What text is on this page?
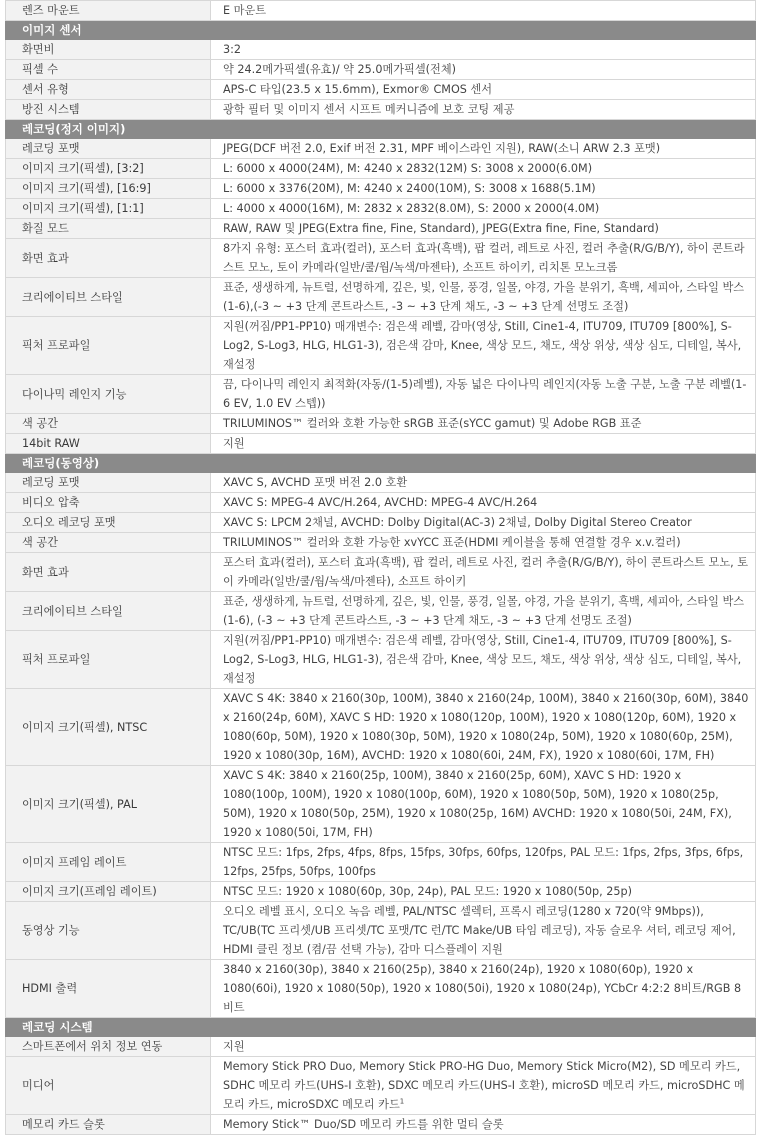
렌즈 마운트	E 마운트
이미지 센서	
화면비	3:2
픽셀 수	약 24.2메가픽셀(유효)/ 약 25.0메가픽셀(전체)
센서 유형	APS-C 타입(23.5 x 15.6mm), Exmor® CMOS 센서
방진 시스템	광학 필터 및 이미지 센서 시프트 메커니즘에 보호 코팅 제공
레코딩(정지 이미지)	
레코딩 포맷	JPEG(DCF 버전 2.0, Exif 버전 2.31, MPF 베이스라인 지원), RAW(소니 ARW 2.3 포맷)
이미지 크기(픽셀), [3:2]	L: 6000 x 4000(24M), M: 4240 x 2832(12M) S: 3008 x 2000(6.0M)
이미지 크기(픽셀), [16:9]	L: 6000 x 3376(20M), M: 4240 x 2400(10M), S: 3008 x 1688(5.1M)
이미지 크기(픽셀), [1:1]	L: 4000 x 4000(16M), M: 2832 x 2832(8.0M), S: 2000 x 2000(4.0M)
화질 모드	RAW, RAW 및 JPEG(Extra fine, Fine, Standard), JPEG(Extra fine, Fine, Standard)
화면 효과	8가지 유형: 포스터 효과(컬러), 포스터 효과(흑백), 팝 컬러, 레트로 사진, 컬러 추출(R/G/B/Y), 하이 콘트라스트 모노, 토이 카메라(일반/쿨/웜/녹색/마젠타), 소프트 하이키, 리치톤 모노크롬
크리에이티브 스타일	표준, 생생하게, 뉴트럴, 선명하게, 깊은, 빛, 인물, 풍경, 일몰, 야경, 가을 분위기, 흑백, 세피아, 스타일 박스(1-6),(-3 ~ +3 단계 콘트라스트, -3 ~ +3 단계 채도, -3 ~ +3 단계 선명도 조절)
픽처 프로파일	지원(꺼짐/PP1-PP10) 매개변수: 검은색 레벨, 감마(영상, Still, Cine1-4, ITU709, ITU709 [800%], S-Log2, S-Log3, HLG, HLG1-3), 검은색 감마, Knee, 색상 모드, 채도, 색상 위상, 색상 심도, 디테일, 복사, 재설정
다이나믹 레인지 기능	끔, 다이나믹 레인지 최적화(자동/(1-5)레벨), 자동 넓은 다이나믹 레인지(자동 노출 구분, 노출 구분 레벨(1-6 EV, 1.0 EV 스텝))
색 공간	TRILUMINOS™ 컬러와 호환 가능한 sRGB 표준(sYCC gamut) 및 Adobe RGB 표준
14bit RAW	지원
레코딩(동영상)	
레코딩 포맷	XAVC S, AVCHD 포맷 버전 2.0 호환
비디오 압축	XAVC S: MPEG-4 AVC/H.264, AVCHD: MPEG-4 AVC/H.264
오디오 레코딩 포맷	XAVC S: LPCM 2채널, AVCHD: Dolby Digital(AC-3) 2채널, Dolby Digital Stereo Creator
색 공간	TRILUMINOS™ 컬러와 호환 가능한 xvYCC 표준(HDMI 케이블을 통해 연결할 경우 x.v.컬러)
화면 효과	포스터 효과(컬러), 포스터 효과(흑백), 팝 컬러, 레트로 사진, 컬러 추출(R/G/B/Y), 하이 콘트라스트 모노, 토이 카메라(일반/쿨/웜/녹색/마젠타), 소프트 하이키
크리에이티브 스타일	표준, 생생하게, 뉴트럴, 선명하게, 깊은, 빛, 인물, 풍경, 일몰, 야경, 가을 분위기, 흑백, 세피아, 스타일 박스(1-6), (-3 ~ +3 단계 콘트라스트, -3 ~ +3 단계 채도, -3 ~ +3 단계 선명도 조절)
픽처 프로파일	지원(꺼짐/PP1-PP10) 매개변수: 검은색 레벨, 감마(영상, Still, Cine1-4, ITU709, ITU709 [800%], S-Log2, S-Log3, HLG, HLG1-3), 검은색 감마, Knee, 색상 모드, 채도, 색상 위상, 색상 심도, 디테일, 복사, 재설정
이미지 크기(픽셀), NTSC	XAVC S 4K: 3840 x 2160(30p, 100M), 3840 x 2160(24p, 100M), 3840 x 2160(30p, 60M), 3840 x 2160(24p, 60M), XAVC S HD: 1920 x 1080(120p, 100M), 1920 x 1080(120p, 60M), 1920 x 1080(60p, 50M), 1920 x 1080(30p, 50M), 1920 x 1080(24p, 50M), 1920 x 1080(60p, 25M), 1920 x 1080(30p, 16M), AVCHD: 1920 x 1080(60i, 24M, FX), 1920 x 1080(60i, 17M, FH)
이미지 크기(픽셀), PAL	XAVC S 4K: 3840 x 2160(25p, 100M), 3840 x 2160(25p, 60M), XAVC S HD: 1920 x 1080(100p, 100M), 1920 x 1080(100p, 60M), 1920 x 1080(50p, 50M), 1920 x 1080(25p, 50M), 1920 x 1080(50p, 25M), 1920 x 1080(25p, 16M) AVCHD: 1920 x 1080(50i, 24M, FX), 1920 x 1080(50i, 17M, FH)
이미지 프레임 레이트	NTSC 모드: 1fps, 2fps, 4fps, 8fps, 15fps, 30fps, 60fps, 120fps, PAL 모드: 1fps, 2fps, 3fps, 6fps, 12fps, 25fps, 50fps, 100fps
이미지 크기(프레임 레이트)	NTSC 모드: 1920 x 1080(60p, 30p, 24p), PAL 모드: 1920 x 1080(50p, 25p)
동영상 기능	오디오 레벨 표시, 오디오 녹음 레벨, PAL/NTSC 셀렉터, 프록시 레코딩(1280 x 720(약 9Mbps)), TC/UB(TC 프리셋/UB 프리셋/TC 포맷/TC 런/TC Make/UB 타임 레코딩), 자동 슬로우 셔터, 레코딩 제어, HDMI 클린 정보 (켬/끔 선택 가능), 감마 디스플레이 지원
HDMI 출력	3840 x 2160(30p), 3840 x 2160(25p), 3840 x 2160(24p), 1920 x 1080(60p), 1920 x 1080(60i), 1920 x 1080(50p), 1920 x 1080(50i), 1920 x 1080(24p), YCbCr 4:2:2 8비트/RGB 8비트
레코딩 시스템	
스마트폰에서 위치 정보 연동	지원
미디어	Memory Stick PRO Duo, Memory Stick PRO-HG Duo, Memory Stick Micro(M2), SD 메모리 카드, SDHC 메모리 카드(UHS-I 호환), SDXC 메모리 카드(UHS-I 호환), microSD 메모리 카드, microSDHC 메모리 카드, microSDXC 메모리 카드$^1$
메모리 카드 슬롯	Memory Stick™ Duo/SD 메모리 카드를 위한 멀티 슬롯
